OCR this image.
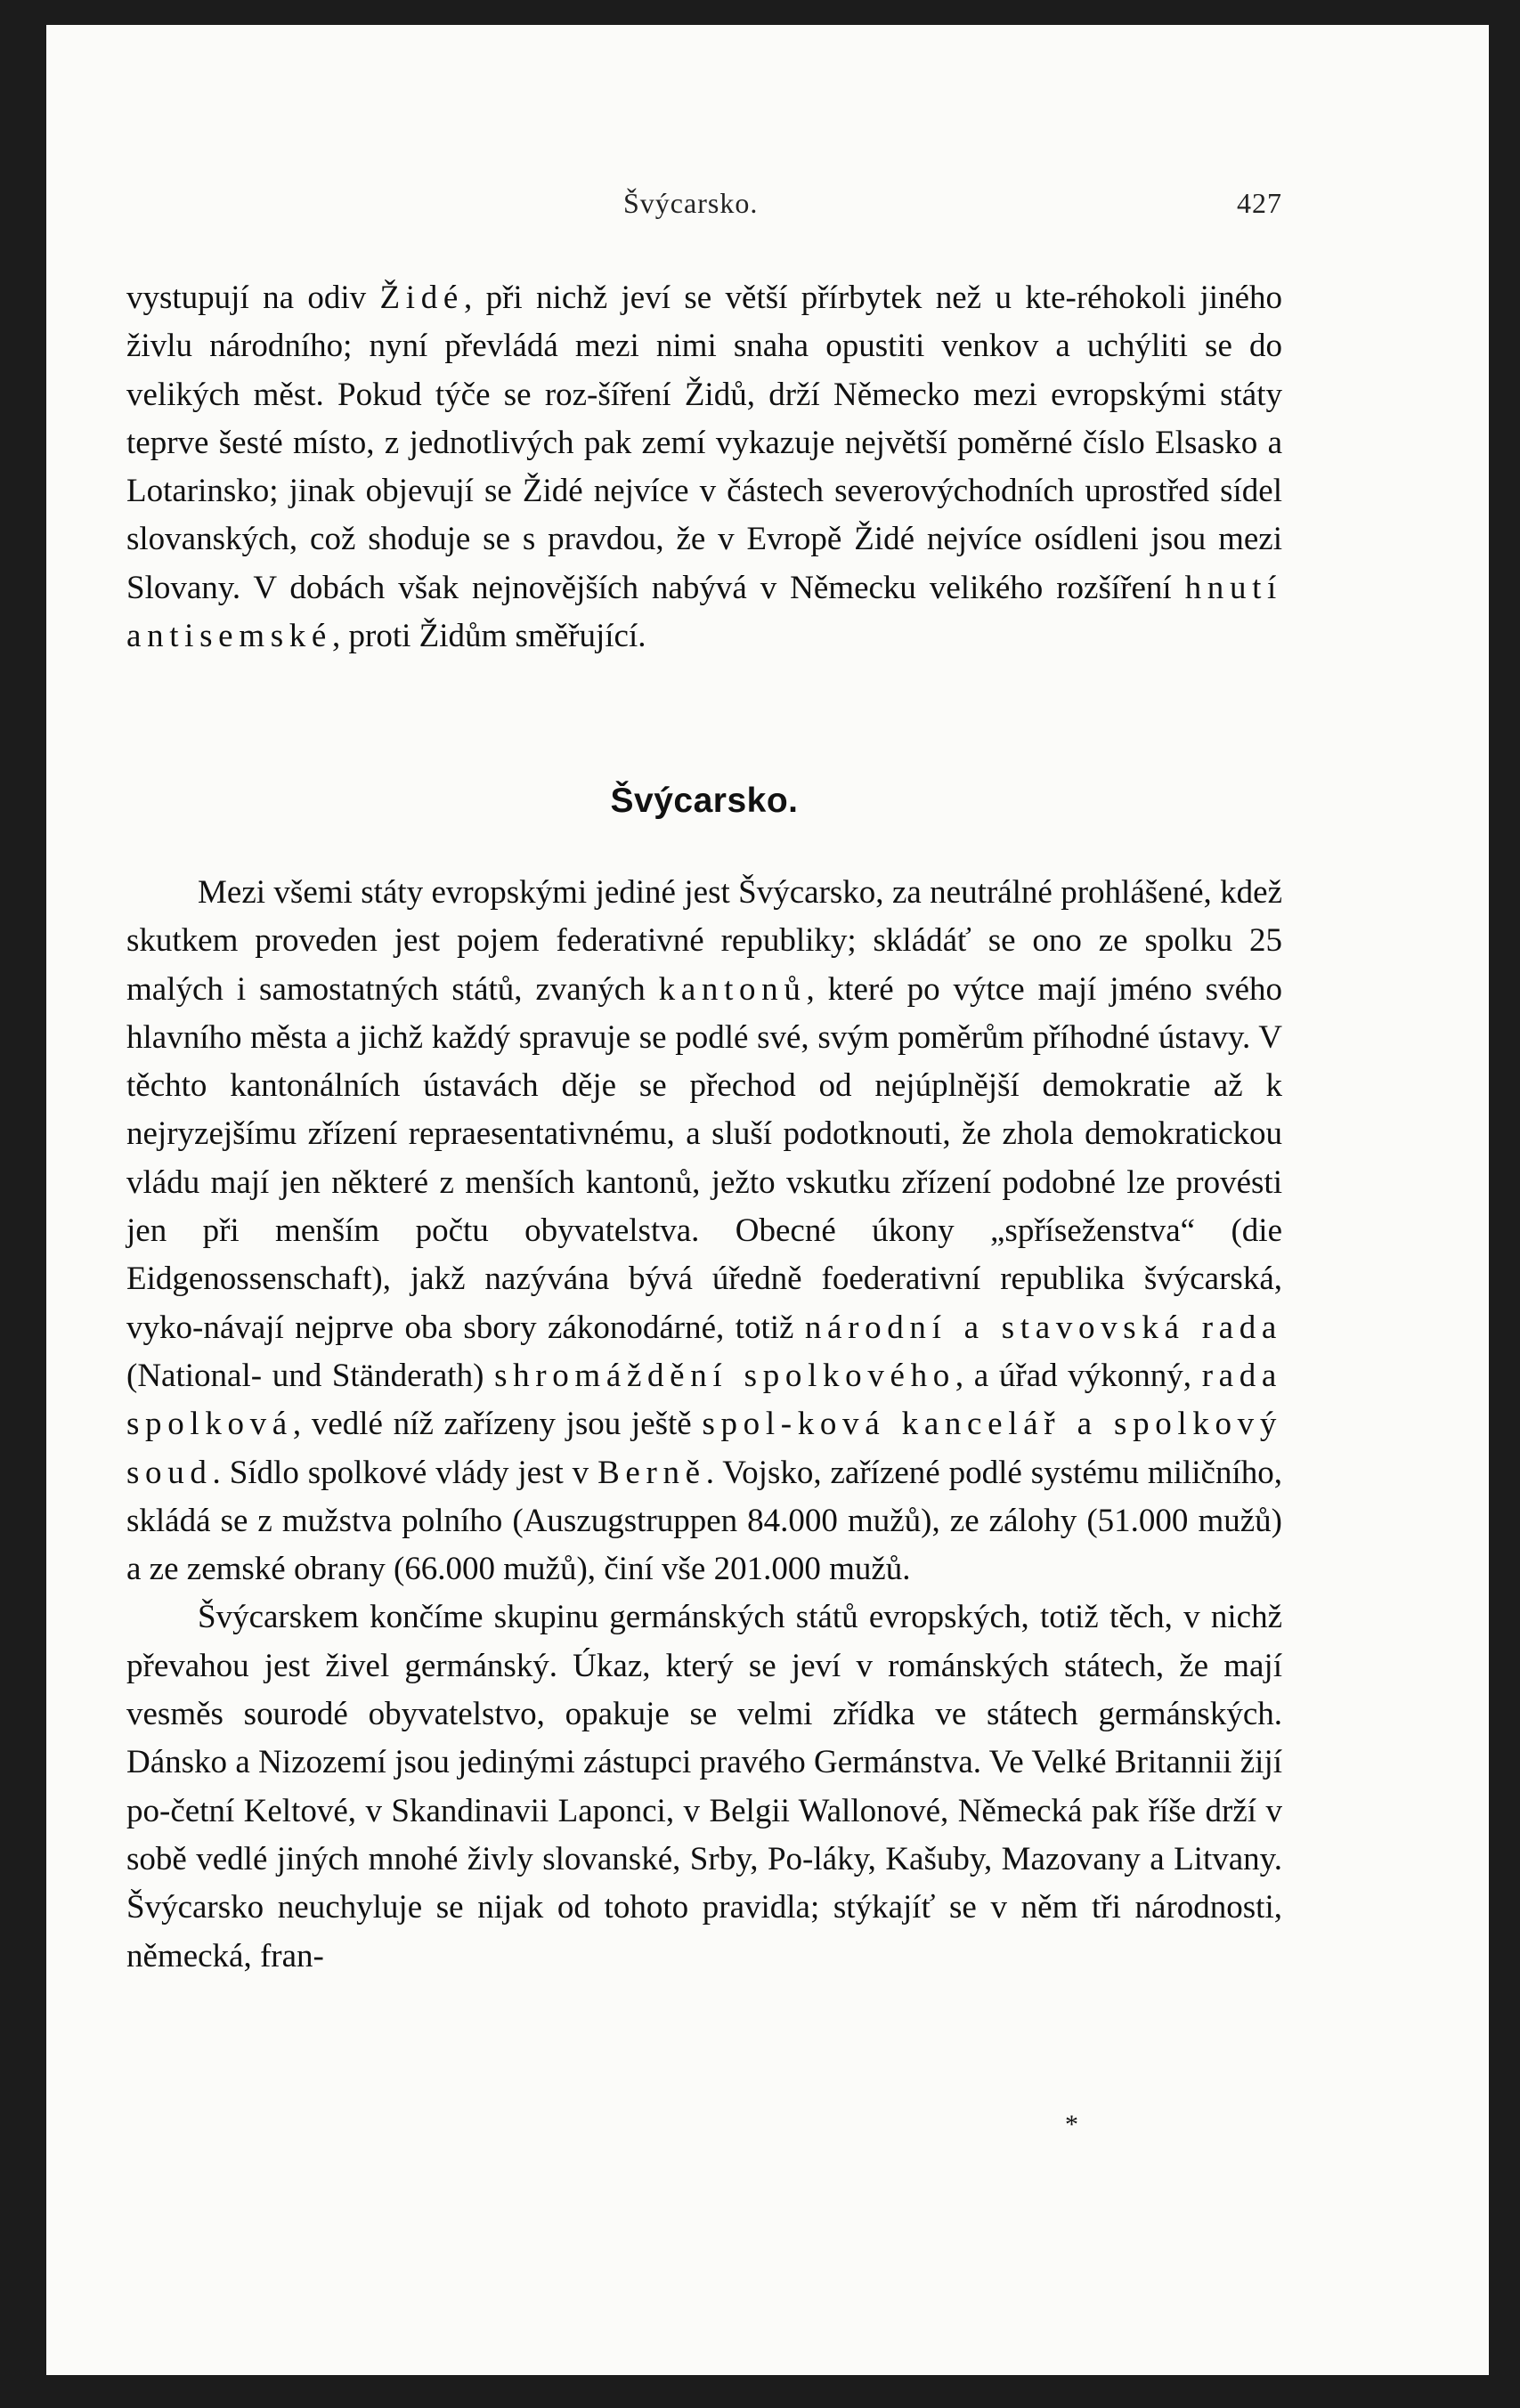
Švýcarsko.	427

vystupují na odiv Židé, při nichž jeví se větší přírbytek než u kte-réhokoli jiného živlu národního; nyní převládá mezi nimi snaha opustiti venkov a uchýliti se do velikých měst. Pokud týče se roz-šíření Židů, drží Německo mezi evropskými státy teprve šesté místo, z jednotlivých pak zemí vykazuje největší poměrné číslo Elsasko a Lotarinsko; jinak objevují se Židé nejvíce v částech severovýchodních uprostřed sídel slovanských, což shoduje se s pravdou, že v Evropě Židé nejvíce osídleni jsou mezi Slovany. V dobách však nejnovějších nabývá v Německu velikého rozšíření hnutí antisemské, proti Židům směřující.

Švýcarsko.

Mezi všemi státy evropskými jediné jest Švýcarsko, za neutrálné prohlášené, kdež skutkem proveden jest pojem federativné republiky; skládáť se ono ze spolku 25 malých i samostatných států, zvaných kantonů, které po výtce mají jméno svého hlavního města a jichž každý spravuje se podlé své, svým poměrům příhodné ústavy. V těchto kantonálních ústavách děje se přechod od nejúplnější demokratie až k nejryzejšímu zřízení repraesentativnému, a sluší podotknouti, že zhola demokratickou vládu mají jen některé z menších kantonů, ježto vskutku zřízení podobné lze provésti jen při menším počtu obyvatelstva. Obecné úkony „spříseženstva“ (die Eidgenossenschaft), jakž nazývána bývá úředně foederativní republika švýcarská, vyko-návají nejprve oba sbory zákonodárné, totiž národní a stavovská rada (National- und Ständerath) shromáždění spolkového, a úřad výkonný, rada spolková, vedlé níž zařízeny jsou ještě spol-ková kancelář a spolkový soud. Sídlo spolkové vlády jest v Berně. Vojsko, zařízené podlé systému miličního, skládá se z mužstva polního (Auszugstruppen 84.000 mužů), ze zálohy (51.000 mužů) a ze zemské obrany (66.000 mužů), činí vše 201.000 mužů.

Švýcarskem končíme skupinu germánských států evropských, totiž těch, v nichž převahou jest živel germánský. Úkaz, který se jeví v románských státech, že mají vesměs sourodé obyvatelstvo, opakuje se velmi zřídka ve státech germánských. Dánsko a Nizozemí jsou jedinými zástupci pravého Germánstva. Ve Velké Britannii žijí po-četní Keltové, v Skandinavii Laponci, v Belgii Wallonové, Německá pak říše drží v sobě vedlé jiných mnohé živly slovanské, Srby, Po-láky, Kašuby, Mazovany a Litvany. Švýcarsko neuchyluje se nijak od tohoto pravidla; stýkajíť se v něm tři národnosti, německá, fran-

*
